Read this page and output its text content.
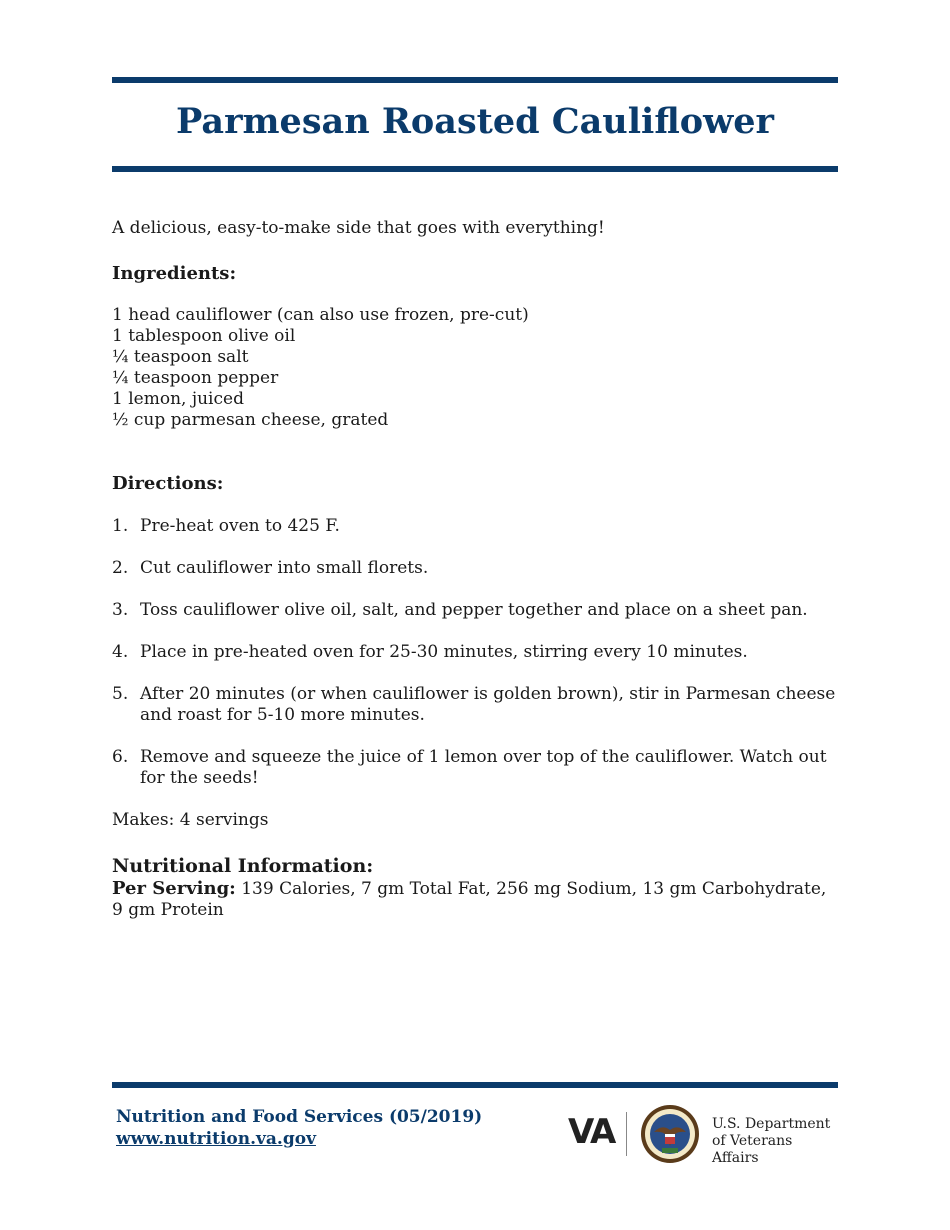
Parmesan Roasted Cauliflower

A delicious, easy-to-make side that goes with everything!

Ingredients:

1 head cauliflower (can also use frozen, pre-cut)
1 tablespoon olive oil
¼ teaspoon salt
¼ teaspoon pepper
1 lemon, juiced
½ cup parmesan cheese, grated

Directions:

1. Pre-heat oven to 425 F.
2. Cut cauliflower into small florets.
3. Toss cauliflower olive oil, salt, and pepper together and place on a sheet pan.
4. Place in pre-heated oven for 25-30 minutes, stirring every 10 minutes.
5. After 20 minutes (or when cauliflower is golden brown), stir in Parmesan cheese and roast for 5-10 more minutes.
6. Remove and squeeze the juice of 1 lemon over top of the cauliflower. Watch out for the seeds!

Makes: 4 servings

Nutritional Information:

Per Serving: 139 Calories, 7 gm Total Fat, 256 mg Sodium, 13 gm Carbohydrate, 9 gm Protein

Nutrition and Food Services (05/2019)
www.nutrition.va.gov	VA	U.S. Department
of Veterans Affairs
